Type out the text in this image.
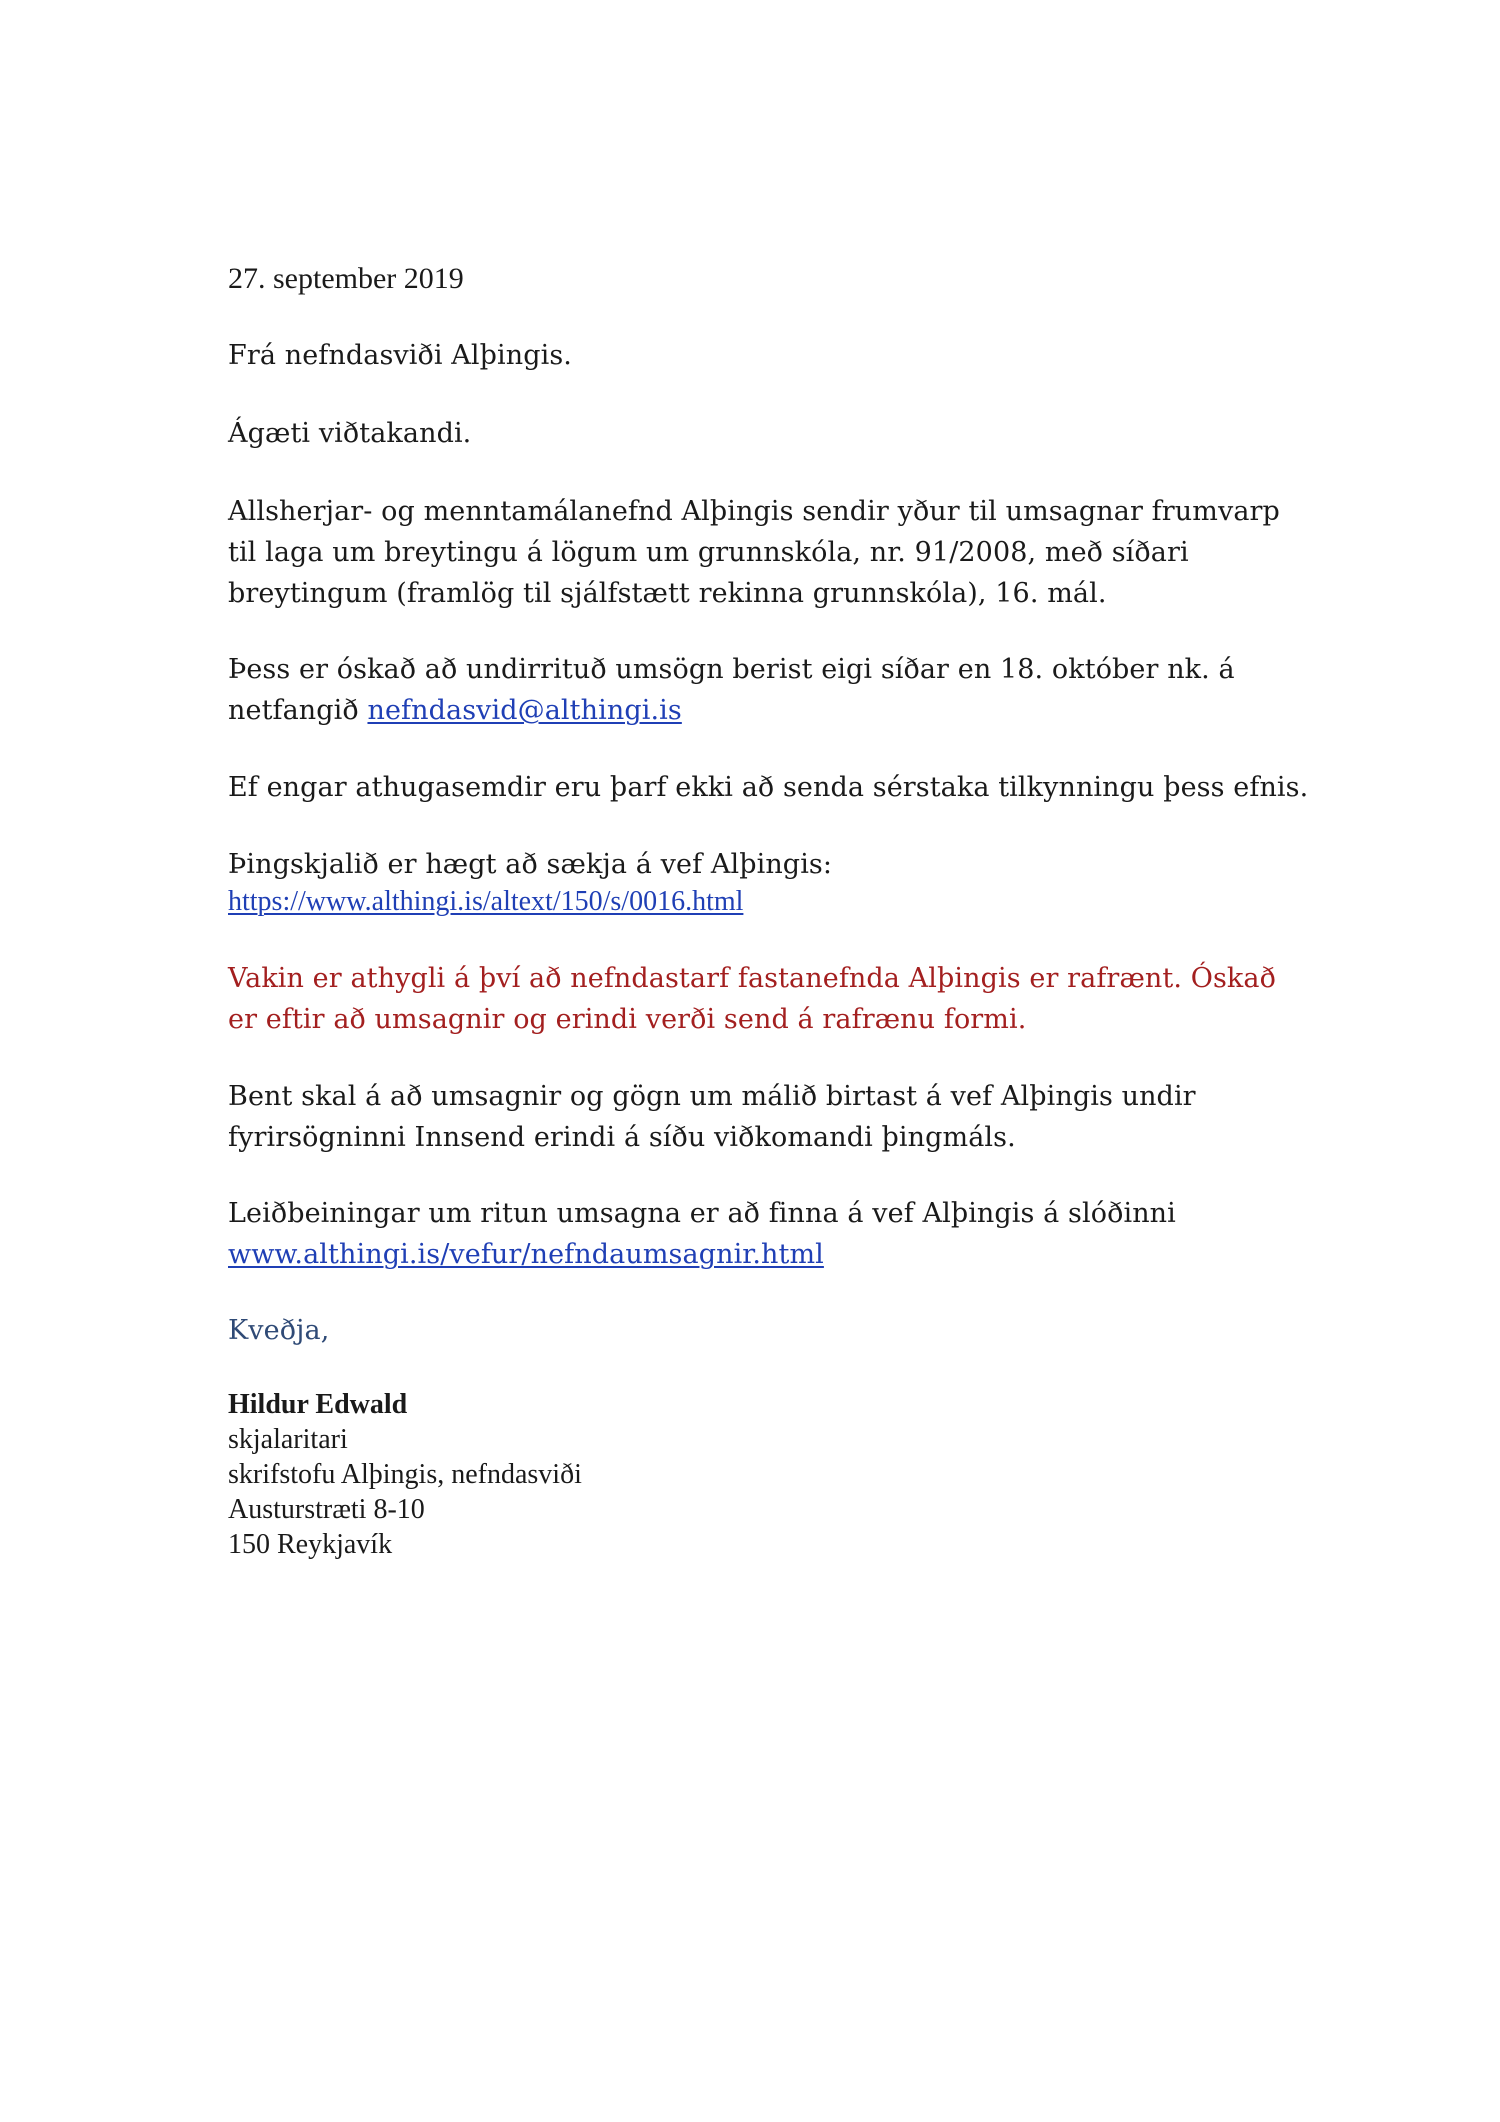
27. september 2019
Frá nefndasviði Alþingis.
Ágæti viðtakandi.
Allsherjar- og menntamálanefnd Alþingis sendir yður til umsagnar frumvarp
til laga um breytingu á lögum um grunnskóla, nr. 91/2008, með síðari
breytingum (framlög til sjálfstætt rekinna grunnskóla), 16. mál.
Þess er óskað að undirrituð umsögn berist eigi síðar en 18. október nk. á
netfangið nefndasvid@althingi.is
Ef engar athugasemdir eru þarf ekki að senda sérstaka tilkynningu þess efnis.
Þingskjalið er hægt að sækja á vef Alþingis:
https://www.althingi.is/altext/150/s/0016.html
Vakin er athygli á því að nefndastarf fastanefnda Alþingis er rafrænt. Óskað
er eftir að umsagnir og erindi verði send á rafrænu formi.
Bent skal á að umsagnir og gögn um málið birtast á vef Alþingis undir
fyrirsögninni Innsend erindi á síðu viðkomandi þingmáls.
Leiðbeiningar um ritun umsagna er að finna á vef Alþingis á slóðinni
www.althingi.is/vefur/nefndaumsagnir.html
Kveðja,
Hildur Edwald
skjalaritari
skrifstofu Alþingis, nefndasviði
Austurstræti 8-10
150 Reykjavík
